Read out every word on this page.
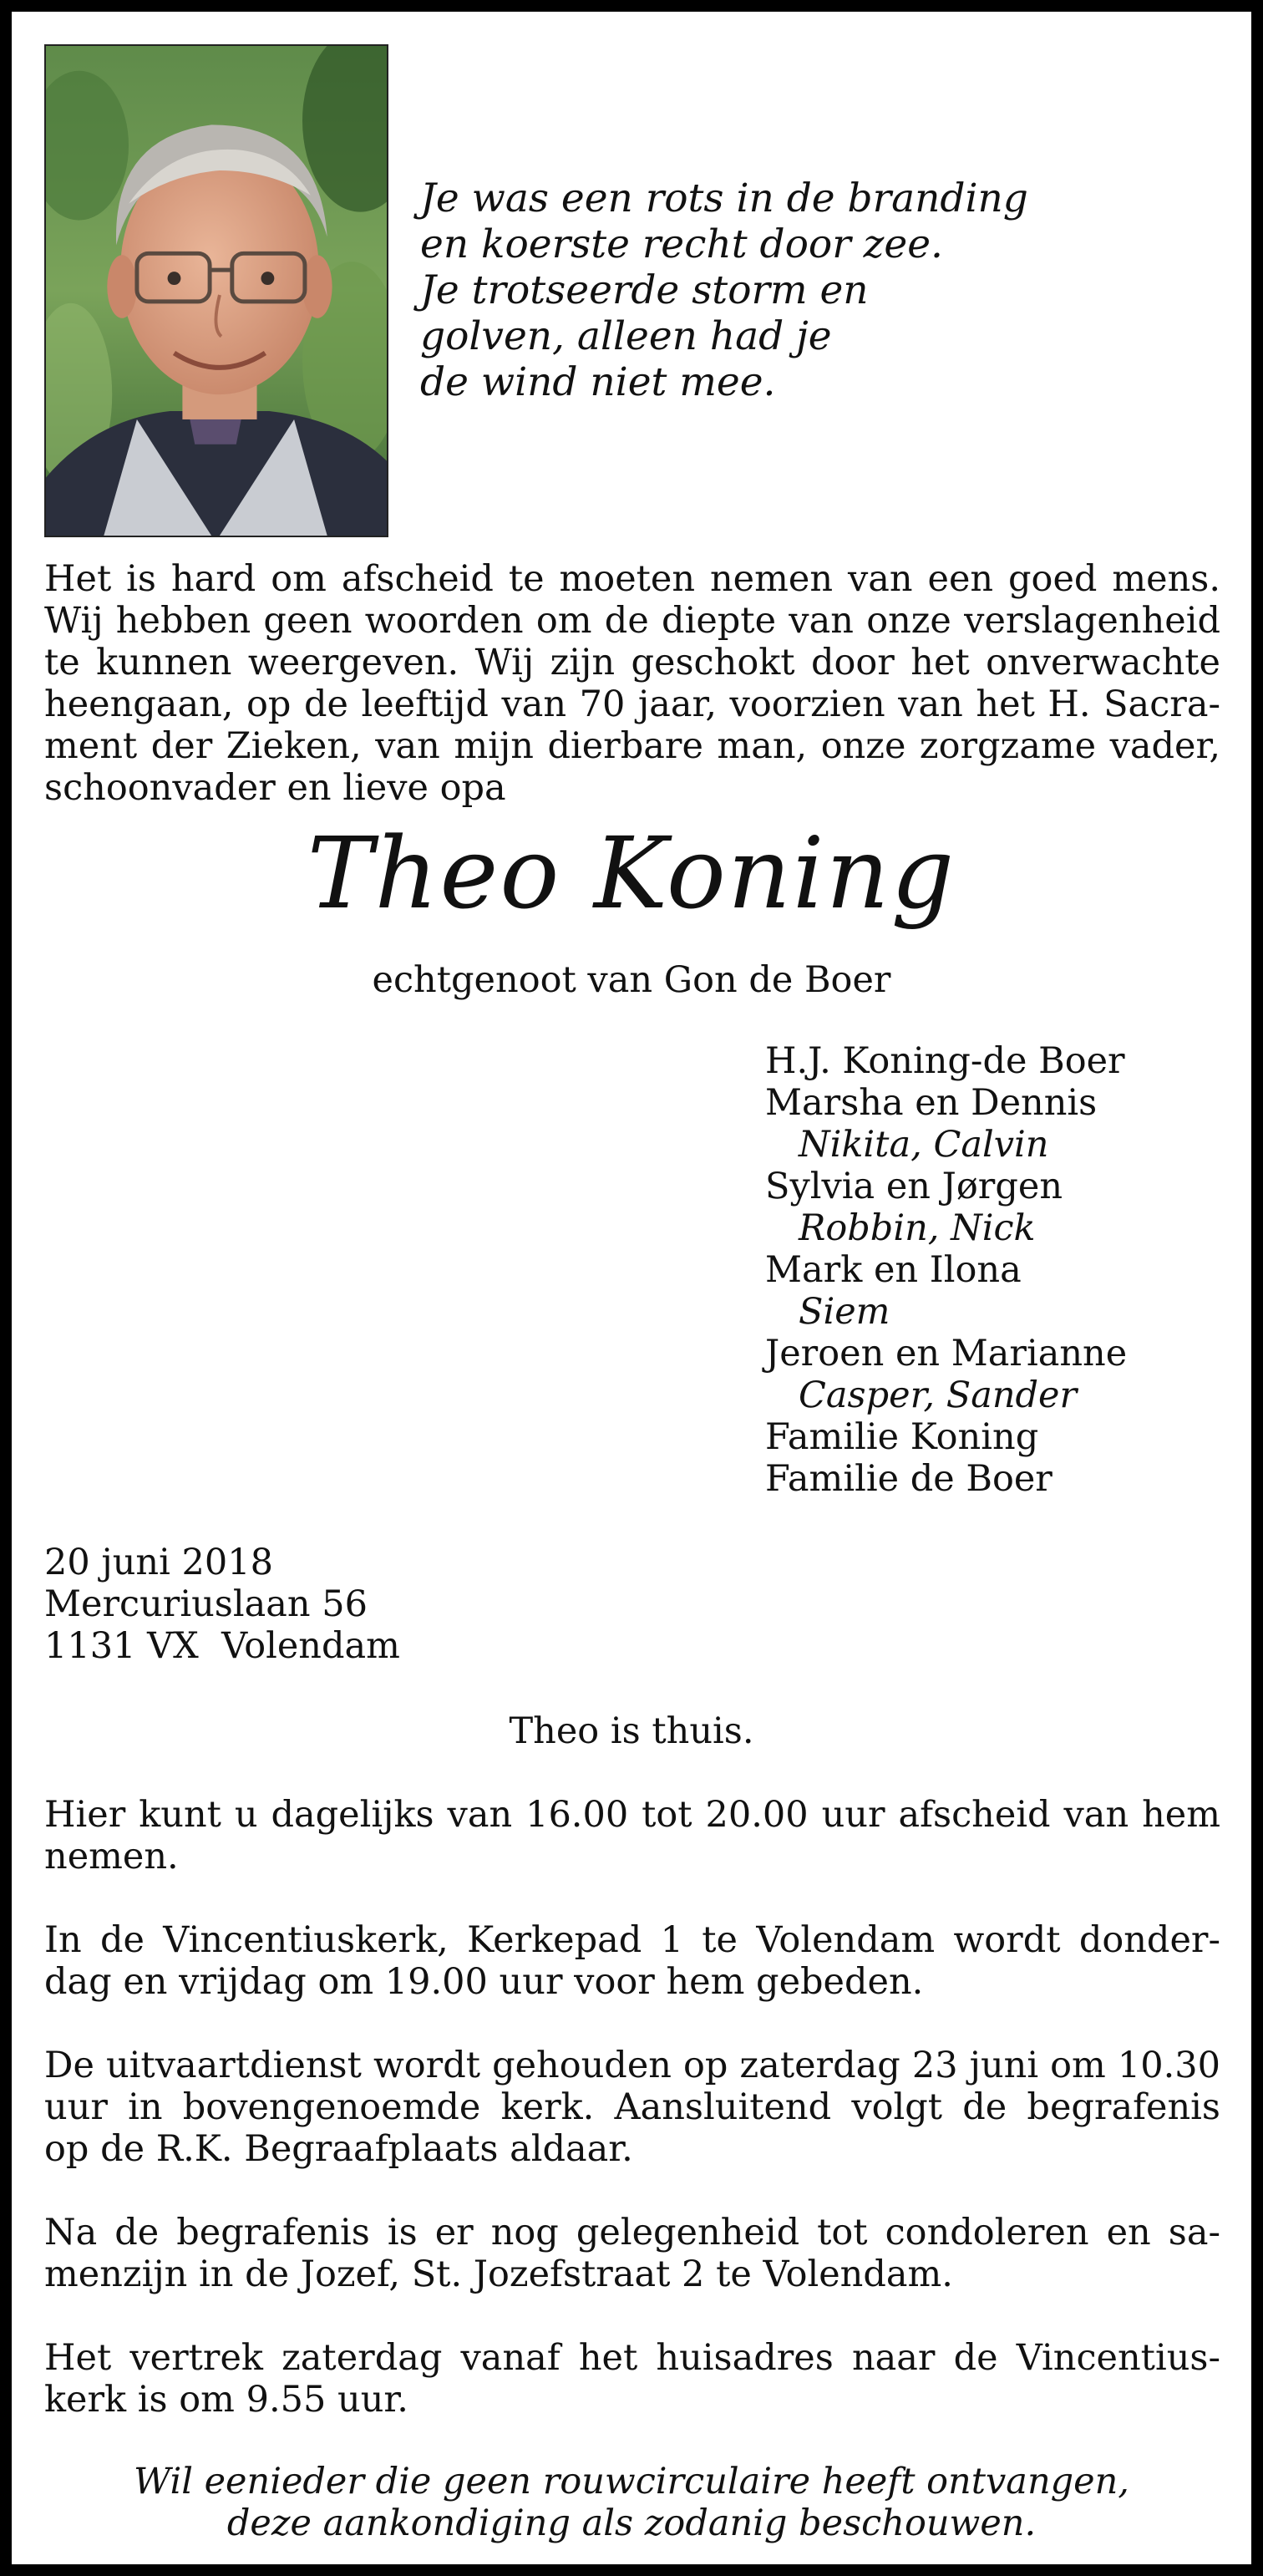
Je was een rots in de branding
en koerste recht door zee.
Je trotseerde storm en
golven, alleen had je
de wind niet mee.
Het is hard om afscheid te moeten nemen van een goed mens.
Wij hebben geen woorden om de diepte van onze verslagenheid
te kunnen weergeven. Wij zijn geschokt door het onverwachte
heengaan, op de leeftijd van 70 jaar, voorzien van het H. Sacra-
ment der Zieken, van mijn dierbare man, onze zorgzame vader,
schoonvader en lieve opa
Theo Koning
echtgenoot van Gon de Boer
H.J. Koning-de Boer
Marsha en Dennis
Nikita, Calvin
Sylvia en Jørgen
Robbin, Nick
Mark en Ilona
Siem
Jeroen en Marianne
Casper, Sander
Familie Koning
Familie de Boer
20 juni 2018
Mercuriuslaan 56
1131 VX  Volendam
Theo is thuis.
Hier kunt u dagelijks van 16.00 tot 20.00 uur afscheid van hem
nemen.
In de Vincentiuskerk, Kerkepad 1 te Volendam wordt donder-
dag en vrijdag om 19.00 uur voor hem gebeden.
De uitvaartdienst wordt gehouden op zaterdag 23 juni om 10.30
uur in bovengenoemde kerk. Aansluitend volgt de begrafenis
op de R.K. Begraafplaats aldaar.
Na de begrafenis is er nog gelegenheid tot condoleren en sa-
menzijn in de Jozef, St. Jozefstraat 2 te Volendam.
Het vertrek zaterdag vanaf het huisadres naar de Vincentius-
kerk is om 9.55 uur.
Wil eenieder die geen rouwcirculaire heeft ontvangen,
deze aankondiging als zodanig beschouwen.
